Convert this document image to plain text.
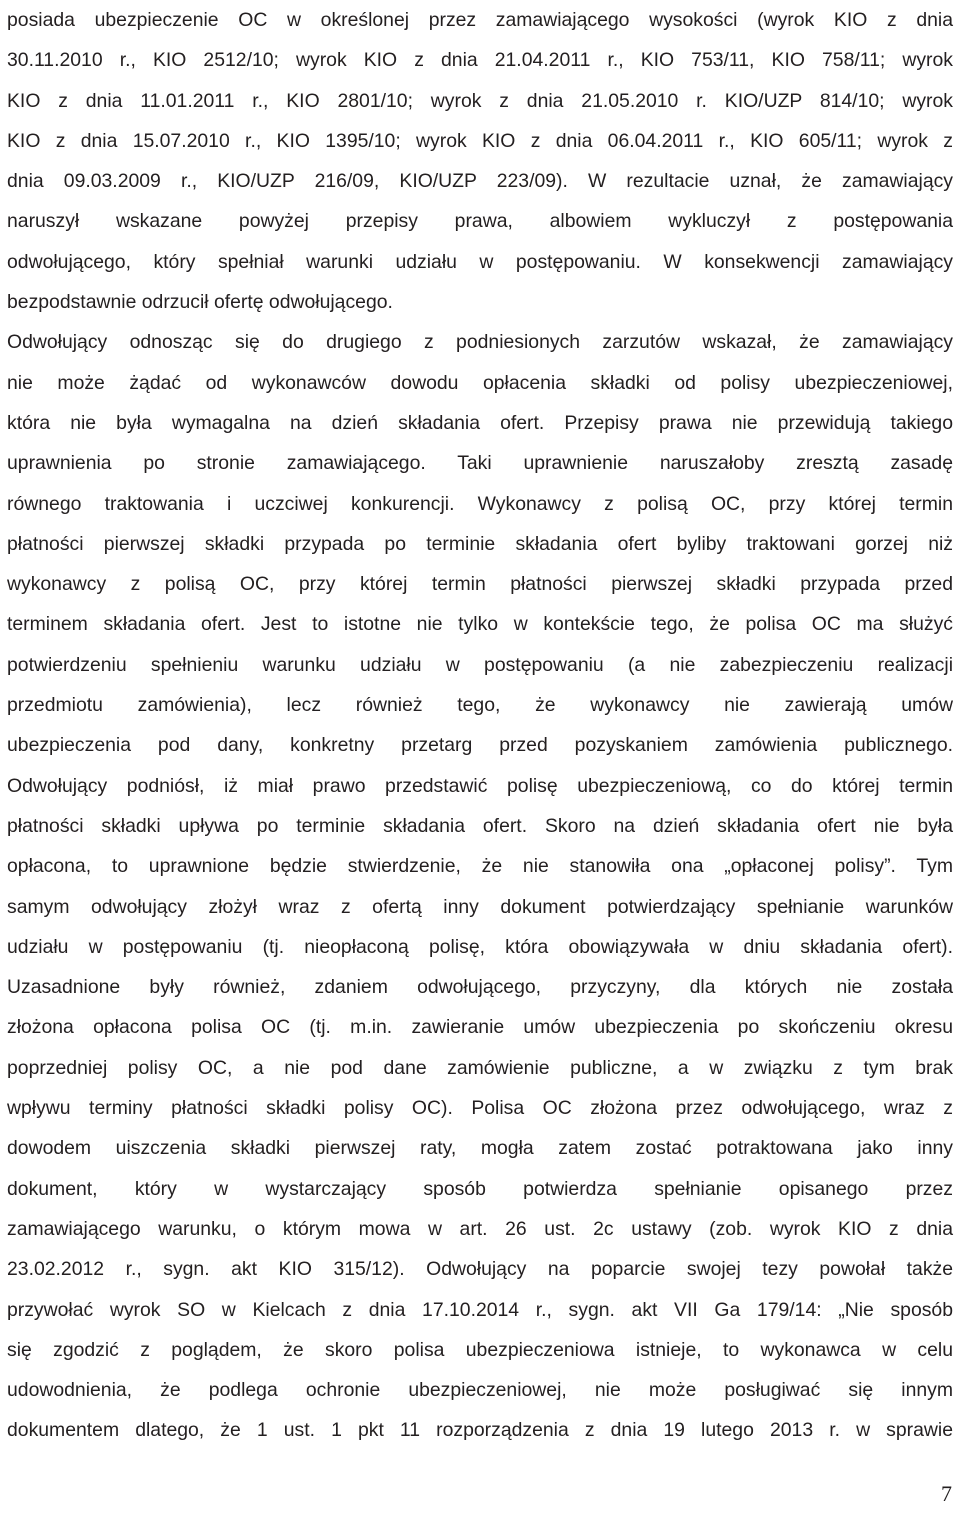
posiada ubezpieczenie OC w określonej przez zamawiającego wysokości (wyrok KIO z dnia

30.11.2010 r., KIO 2512/10; wyrok KIO z dnia 21.04.2011 r., KIO 753/11, KIO 758/11; wyrok

KIO z dnia 11.01.2011 r., KIO 2801/10; wyrok z dnia 21.05.2010 r. KIO/UZP 814/10; wyrok

KIO z dnia 15.07.2010 r., KIO 1395/10; wyrok KIO z dnia 06.04.2011 r., KIO 605/11; wyrok z

dnia 09.03.2009 r., KIO/UZP 216/09, KIO/UZP 223/09). W rezultacie uznał, że zamawiający

naruszył wskazane powyżej przepisy prawa, albowiem wykluczył z postępowania

odwołującego, który spełniał warunki udziału w postępowaniu. W konsekwencji zamawiający

bezpodstawnie odrzucił ofertę odwołującego.

Odwołujący odnosząc się do drugiego z podniesionych zarzutów wskazał, że zamawiający

nie może żądać od wykonawców dowodu opłacenia składki od polisy ubezpieczeniowej,

która nie była wymagalna na dzień składania ofert. Przepisy prawa nie przewidują takiego

uprawnienia po stronie zamawiającego. Taki uprawnienie naruszałoby zresztą zasadę

równego traktowania i uczciwej konkurencji. Wykonawcy z polisą OC, przy której termin

płatności pierwszej składki przypada po terminie składania ofert byliby traktowani gorzej niż

wykonawcy z polisą OC, przy której termin płatności pierwszej składki przypada przed

terminem składania ofert. Jest to istotne nie tylko w kontekście tego, że polisa OC ma służyć

potwierdzeniu spełnieniu warunku udziału w postępowaniu (a nie zabezpieczeniu realizacji

przedmiotu zamówienia), lecz również tego, że wykonawcy nie zawierają umów

ubezpieczenia pod dany, konkretny przetarg przed pozyskaniem zamówienia publicznego.

Odwołujący podniósł, iż miał prawo przedstawić polisę ubezpieczeniową, co do której termin

płatności składki upływa po terminie składania ofert. Skoro na dzień składania ofert nie była

opłacona, to uprawnione będzie stwierdzenie, że nie stanowiła ona „opłaconej polisy”. Tym

samym odwołujący złożył wraz z ofertą inny dokument potwierdzający spełnianie warunków

udziału w postępowaniu (tj. nieopłaconą polisę, która obowiązywała w dniu składania ofert).

Uzasadnione były również, zdaniem odwołującego, przyczyny, dla których nie została

złożona opłacona polisa OC (tj. m.in. zawieranie umów ubezpieczenia po skończeniu okresu

poprzedniej polisy OC, a nie pod dane zamówienie publiczne, a w związku z tym brak

wpływu terminy płatności składki polisy OC). Polisa OC złożona przez odwołującego, wraz z

dowodem uiszczenia składki pierwszej raty, mogła zatem zostać potraktowana jako inny

dokument, który w wystarczający sposób potwierdza spełnianie opisanego przez

zamawiającego warunku, o którym mowa w art. 26 ust. 2c ustawy (zob. wyrok KIO z dnia

23.02.2012 r., sygn. akt KIO 315/12). Odwołujący na poparcie swojej tezy powołał także

przywołać wyrok SO w Kielcach z dnia 17.10.2014 r., sygn. akt VII Ga 179/14: „Nie sposób

się zgodzić z poglądem, że skoro polisa ubezpieczeniowa istnieje, to wykonawca w celu

udowodnienia, że podlega ochronie ubezpieczeniowej, nie może posługiwać się innym

dokumentem dlatego, że 1 ust. 1 pkt 11 rozporządzenia z dnia 19 lutego 2013 r. w sprawie

7
